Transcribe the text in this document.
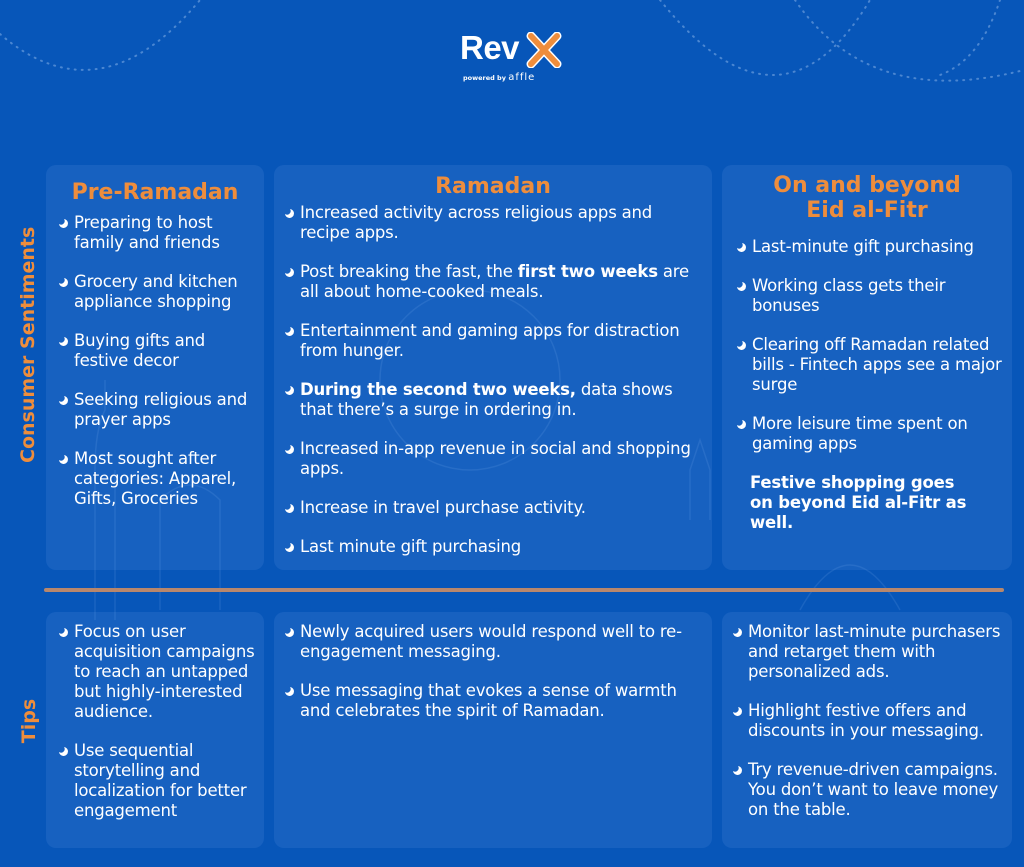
Rev
powered by affle
Consumer Sentiments
Tips
Pre-Ramadan
Preparing to host family and friends
Grocery and kitchen appliance shopping
Buying gifts and festive decor
Seeking religious and prayer apps
Most sought after categories: Apparel, Gifts, Groceries
Ramadan
Increased activity across religious apps and recipe apps.
Post breaking the fast, the first two weeks are all about home-cooked meals.
Entertainment and gaming apps for distraction from hunger.
During the second two weeks, data shows that there’s a surge in ordering in.
Increased in-app revenue in social and shopping apps.
Increase in travel purchase activity.
Last minute gift purchasing
On and beyond
Eid al-Fitr
Last-minute gift purchasing
Working class gets their bonuses
Clearing off Ramadan related bills - Fintech apps see a major surge
More leisure time spent on gaming apps
Festive shopping goes on beyond Eid al-Fitr as well.
Focus on user acquisition campaigns to reach an untapped but highly-interested audience.
Use sequential storytelling and localization for better engagement
Newly acquired users would respond well to re-engagement messaging.
Use messaging that evokes a sense of warmth and celebrates the spirit of Ramadan.
Monitor last-minute purchasers and retarget them with personalized ads.
Highlight festive offers and discounts in your messaging.
Try revenue-driven campaigns. You don’t want to leave money on the table.
